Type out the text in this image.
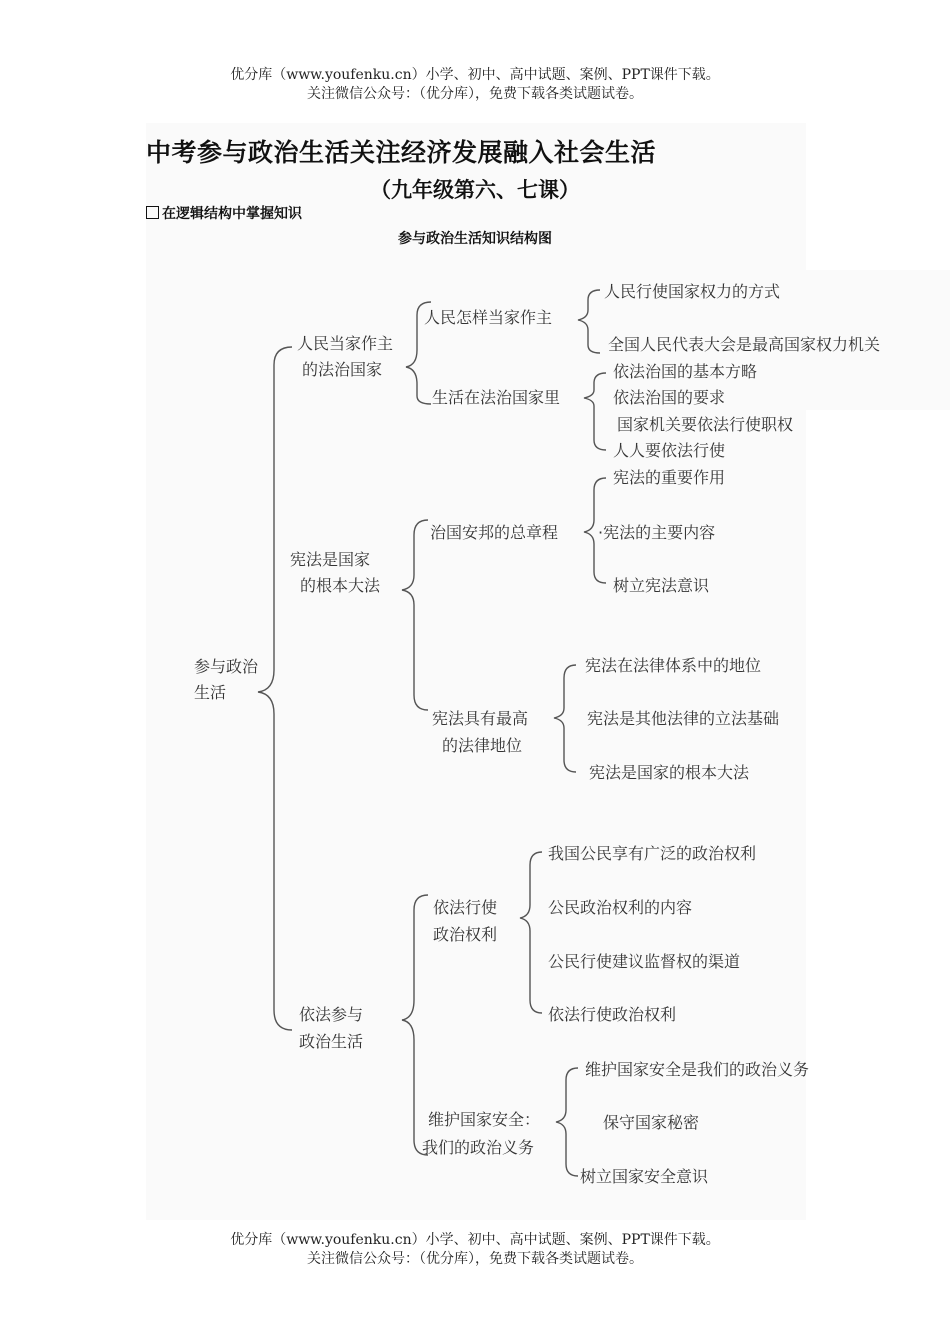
优分库（www.youfenku.cn）小学、初中、高中试题、案例、PPT课件下载。
关注微信公众号：（优分库），免费下载各类试题试卷。
中考参与政治生活关注经济发展融入社会生活
（九年级第六、七课）
在逻辑结构中掌握知识
参与政治生活知识结构图
参与政治 生活
人民当家作主 的法治国家
宪法是国家 的根本大法
依法参与 政治生活
人民怎样当家作主
生活在法治国家里
治国安邦的总章程
宪法具有最高 的法律地位
依法行使 政治权利
维护国家安全： 我们的政治义务
人民行使国家权力的方式
全国人民代表大会是最高国家权力机关
依法治国的基本方略
依法治国的要求
国家机关要依法行使职权
人人要依法行使
宪法的重要作用
·宪法的主要内容
树立宪法意识
宪法在法律体系中的地位
宪法是其他法律的立法基础
宪法是国家的根本大法
我国公民享有广泛的政治权利
公民政治权利的内容
公民行使建议监督权的渠道
依法行使政治权利
维护国家安全是我们的政治义务
保守国家秘密
树立国家安全意识
优分库（www.youfenku.cn）小学、初中、高中试题、案例、PPT课件下载。
关注微信公众号：（优分库），免费下载各类试题试卷。
